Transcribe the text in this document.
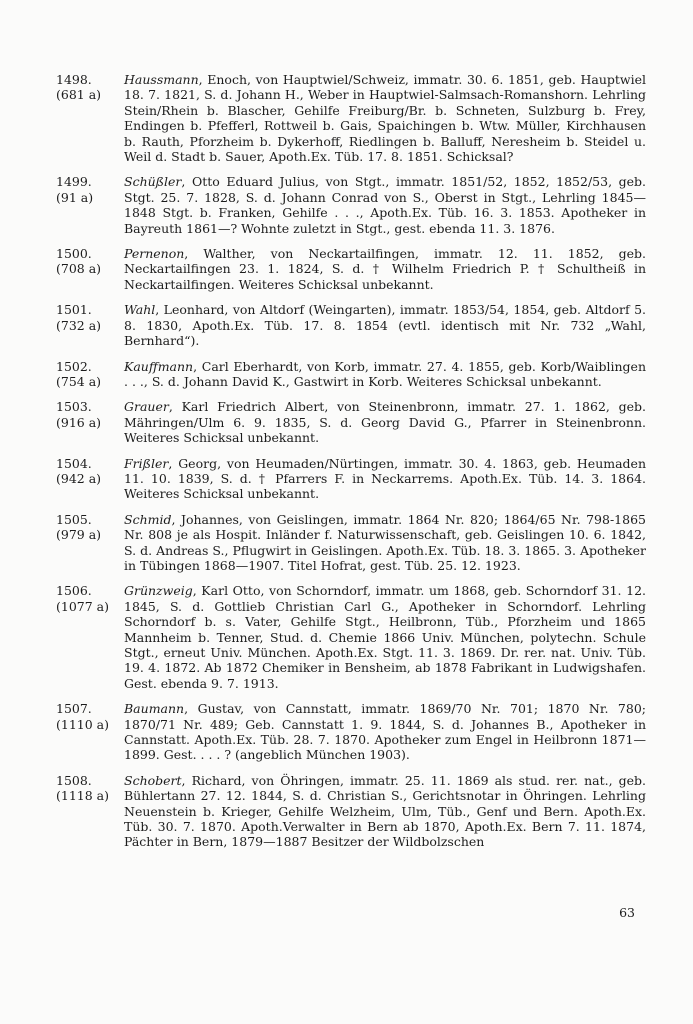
1498.
(681 a)
Haussmann, Enoch, von Hauptwiel/Schweiz, immatr. 30. 6. 1851, geb. Hauptwiel 18. 7. 1821, S. d. Johann H., Weber in Hauptwiel-Salmsach-Romanshorn. Lehrling Stein/Rhein b. Blascher, Gehilfe Freiburg/Br. b. Schneten, Sulzburg b. Frey, Endingen b. Pfefferl, Rottweil b. Gais, Spaichingen b. Wtw. Müller, Kirchhausen b. Rauth, Pforzheim b. Dykerhoff, Riedlingen b. Balluff, Neresheim b. Steidel u. Weil d. Stadt b. Sauer, Apoth.Ex. Tüb. 17. 8. 1851. Schicksal?
1499.
(91 a)
Schüßler, Otto Eduard Julius, von Stgt., immatr. 1851/52, 1852, 1852/53, geb. Stgt. 25. 7. 1828, S. d. Johann Conrad von S., Oberst in Stgt., Lehrling 1845—1848 Stgt. b. Franken, Gehilfe . . ., Apoth.Ex. Tüb. 16. 3. 1853. Apotheker in Bayreuth 1861—? Wohnte zuletzt in Stgt., gest. ebenda 11. 3. 1876.
1500.
(708 a)
Pernenon, Walther, von Neckartailfingen, immatr. 12. 11. 1852, geb. Neckartailfingen 23. 1. 1824, S. d. † Wilhelm Friedrich P. † Schultheiß in Neckartailfingen. Weiteres Schicksal unbekannt.
1501.
(732 a)
Wahl, Leonhard, von Altdorf (Weingarten), immatr. 1853/54, 1854, geb. Altdorf 5. 8. 1830, Apoth.Ex. Tüb. 17. 8. 1854 (evtl. identisch mit Nr. 732 „Wahl, Bernhard“).
1502.
(754 a)
Kauffmann, Carl Eberhardt, von Korb, immatr. 27. 4. 1855, geb. Korb/Waiblingen . . ., S. d. Johann David K., Gastwirt in Korb. Weiteres Schicksal unbekannt.
1503.
(916 a)
Grauer, Karl Friedrich Albert, von Steinenbronn, immatr. 27. 1. 1862, geb. Mähringen/Ulm 6. 9. 1835, S. d. Georg David G., Pfarrer in Steinenbronn. Weiteres Schicksal unbekannt.
1504.
(942 a)
Frißler, Georg, von Heumaden/Nürtingen, immatr. 30. 4. 1863, geb. Heumaden 11. 10. 1839, S. d. † Pfarrers F. in Neckarrems. Apoth.Ex. Tüb. 14. 3. 1864. Weiteres Schicksal unbekannt.
1505.
(979 a)
Schmid, Johannes, von Geislingen, immatr. 1864 Nr. 820; 1864/65 Nr. 798-1865 Nr. 808 je als Hospit. Inländer f. Naturwissenschaft, geb. Geislingen 10. 6. 1842, S. d. Andreas S., Pflugwirt in Geislingen. Apoth.Ex. Tüb. 18. 3. 1865. 3. Apotheker in Tübingen 1868—1907. Titel Hofrat, gest. Tüb. 25. 12. 1923.
1506.
(1077 a)
Grünzweig, Karl Otto, von Schorndorf, immatr. um 1868, geb. Schorndorf 31. 12. 1845, S. d. Gottlieb Christian Carl G., Apotheker in Schorndorf. Lehrling Schorndorf b. s. Vater, Gehilfe Stgt., Heilbronn, Tüb., Pforzheim und 1865 Mannheim b. Tenner, Stud. d. Chemie 1866 Univ. München, polytechn. Schule Stgt., erneut Univ. München. Apoth.Ex. Stgt. 11. 3. 1869. Dr. rer. nat. Univ. Tüb. 19. 4. 1872. Ab 1872 Chemiker in Bensheim, ab 1878 Fabrikant in Ludwigshafen. Gest. ebenda 9. 7. 1913.
1507.
(1110 a)
Baumann, Gustav, von Cannstatt, immatr. 1869/70 Nr. 701; 1870 Nr. 780; 1870/71 Nr. 489; Geb. Cannstatt 1. 9. 1844, S. d. Johannes B., Apotheker in Cannstatt. Apoth.Ex. Tüb. 28. 7. 1870. Apotheker zum Engel in Heilbronn 1871—1899. Gest. . . . ? (angeblich München 1903).
1508.
(1118 a)
Schobert, Richard, von Öhringen, immatr. 25. 11. 1869 als stud. rer. nat., geb. Bühlertann 27. 12. 1844, S. d. Christian S., Gerichtsnotar in Öhringen. Lehrling Neuenstein b. Krieger, Gehilfe Welzheim, Ulm, Tüb., Genf und Bern. Apoth.Ex. Tüb. 30. 7. 1870. Apoth.Verwalter in Bern ab 1870, Apoth.Ex. Bern 7. 11. 1874, Pächter in Bern, 1879—1887 Besitzer der Wildbolzschen
63
